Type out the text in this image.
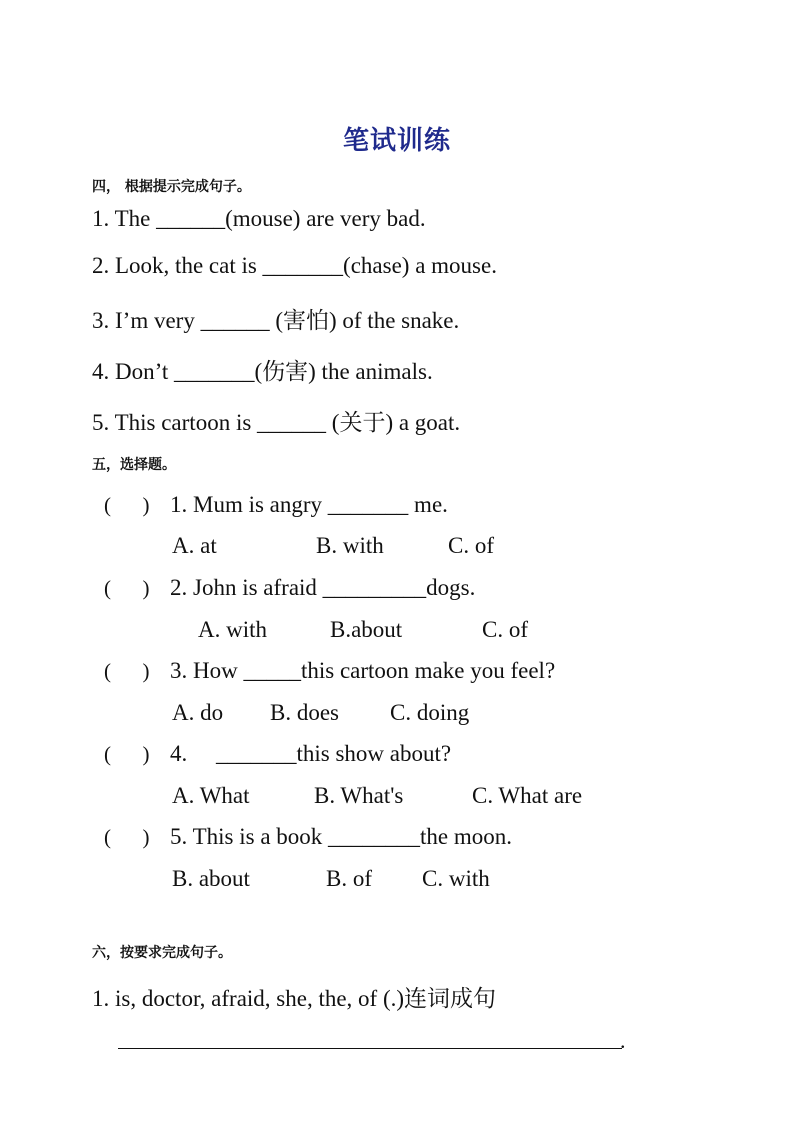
笔试训练
四， 根据提示完成句子。
1. The ______(mouse) are very bad.
2. Look, the cat is _______(chase) a mouse.
3. I’m very ______ (害怕) of the snake.
4. Don’t _______(伤害) the animals.
5. This cartoon is ______ (关于) a goat.
五，选择题。
(      ) 1. Mum is angry _______ me.
A. at	B. with	C. of
(      ) 2. John is afraid _________dogs.
A. with	B.about	C. of
(      ) 3. How _____this cartoon make you feel?
A. do B. does C. doing
(      ) 4.     _______this show about?
A. What	B. What's	C. What are
(      ) 5. This is a book ________the moon.
B. about	B. of C. with
六，按要求完成句子。
1. is, doctor, afraid, she, the, of (.)连词成句
.
